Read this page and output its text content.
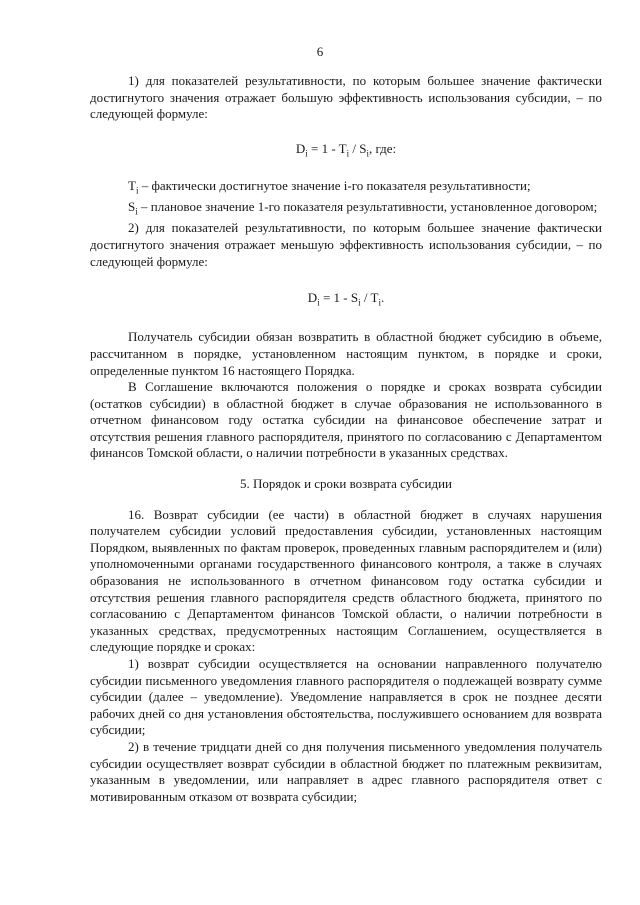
6

1) для показателей результативности, по которым большее значение фактически достигнутого значения отражает большую эффективность использования субсидии, – по следующей формуле:

$D_i = 1 - T_i / S_i$, где:

$T_i$ – фактически достигнутое значение i-го показателя результативности;

$S_i$ – плановое значение 1-го показателя результативности, установленное договором;

2) для показателей результативности, по которым большее значение фактически достигнутого значения отражает меньшую эффективность использования субсидии, – по следующей формуле:

$D_i = 1 - S_i / T_i$.

Получатель субсидии обязан возвратить в областной бюджет субсидию в объеме, рассчитанном в порядке, установленном настоящим пунктом, в порядке и сроки, определенные пунктом 16 настоящего Порядка.

В Соглашение включаются положения о порядке и сроках возврата субсидии (остатков субсидии) в областной бюджет в случае образования не использованного в отчетном финансовом году остатка субсидии на финансовое обеспечение затрат и отсутствия решения главного распорядителя, принятого по согласованию с Департаментом финансов Томской области, о наличии потребности в указанных средствах.

5. Порядок и сроки возврата субсидии

16. Возврат субсидии (ее части) в областной бюджет в случаях нарушения получателем субсидии условий предоставления субсидии, установленных настоящим Порядком, выявленных по фактам проверок, проведенных главным распорядителем и (или) уполномоченными органами государственного финансового контроля, а также в случаях образования не использованного в отчетном финансовом году остатка субсидии и отсутствия решения главного распорядителя средств областного бюджета, принятого по согласованию с Департаментом финансов Томской области, о наличии потребности в указанных средствах, предусмотренных настоящим Соглашением, осуществляется в следующие порядке и сроках:

1) возврат субсидии осуществляется на основании направленного получателю субсидии письменного уведомления главного распорядителя о подлежащей возврату сумме субсидии (далее – уведомление). Уведомление направляется в срок не позднее десяти рабочих дней со дня установления обстоятельства, послужившего основанием для возврата субсидии;

2) в течение тридцати дней со дня получения письменного уведомления получатель субсидии осуществляет возврат субсидии в областной бюджет по платежным реквизитам, указанным в уведомлении, или направляет в адрес главного распорядителя ответ с мотивированным отказом от возврата субсидии;
